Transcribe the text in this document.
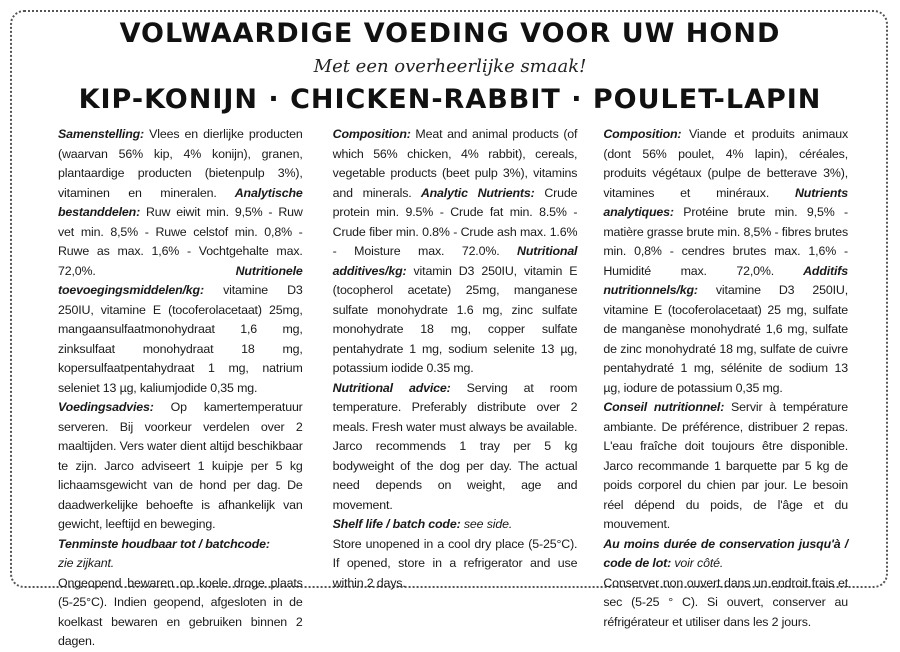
VOLWAARDIGE VOEDING VOOR UW HOND
Met een overheerlijke smaak!
KIP-KONIJN · CHICKEN-RABBIT · POULET-LAPIN

Samenstelling: Vlees en dierlijke producten (waarvan 56% kip, 4% konijn), granen, plantaardige producten (bietenpulp 3%), vitaminen en mineralen. Analytische bestanddelen: Ruw eiwit min. 9,5% - Ruw vet min. 8,5% - Ruwe celstof min. 0,8% - Ruwe as max. 1,6% - Vochtgehalte max. 72,0%. Nutritionele toevoegingsmiddelen/kg: vitamine D3 250IU, vitamine E (tocoferolacetaat) 25mg, mangaansulfaatmonohydraat 1,6 mg, zinksulfaat monohydraat 18 mg, kopersulfaatpentahydraat 1 mg, natrium seleniet 13 µg, kaliumjodide 0,35 mg.

Voedingsadvies: Op kamertemperatuur serveren. Bij voorkeur verdelen over 2 maaltijden. Vers water dient altijd beschikbaar te zijn. Jarco adviseert 1 kuipje per 5 kg lichaamsgewicht van de hond per dag. De daadwerkelijke behoefte is afhankelijk van gewicht, leeftijd en beweging.

Tenminste houdbaar tot / batchcode:

zie zijkant.

Ongeopend bewaren op koele droge plaats (5-25°C). Indien geopend, afgesloten in de koelkast bewaren en gebruiken binnen 2 dagen.

Composition: Meat and animal products (of which 56% chicken, 4% rabbit), cereals, vegetable products (beet pulp 3%), vitamins and minerals. Analytic Nutrients: Crude protein min. 9.5% - Crude fat min. 8.5% - Crude fiber min. 0.8% - Crude ash max. 1.6% - Moisture max. 72.0%. Nutritional additives/kg: vitamin D3 250IU, vitamin E (tocopherol acetate) 25mg, manganese sulfate monohydrate 1.6 mg, zinc sulfate monohydrate 18 mg, copper sulfate pentahydrate 1 mg, sodium selenite 13 µg, potassium iodide 0.35 mg.

Nutritional advice: Serving at room temperature. Preferably distribute over 2 meals. Fresh water must always be available. Jarco recommends 1 tray per 5 kg bodyweight of the dog per day. The actual need depends on weight, age and movement.

Shelf life / batch code: see side.

Store unopened in a cool dry place (5-25°C). If opened, store in a refrigerator and use within 2 days.

Composition: Viande et produits animaux (dont 56% poulet, 4% lapin), céréales, produits végétaux (pulpe de betterave 3%), vitamines et minéraux. Nutrients analytiques: Protéine brute min. 9,5% - matière grasse brute min. 8,5% - fibres brutes min. 0,8% - cendres brutes max. 1,6% - Humidité max. 72,0%. Additifs nutritionnels/kg: vitamine D3 250IU, vitamine E (tocoferolacetaat) 25 mg, sulfate de manganèse monohydraté 1,6 mg, sulfate de zinc monohydraté 18 mg, sulfate de cuivre pentahydraté 1 mg, sélénite de sodium 13 µg, iodure de potassium 0,35 mg.

Conseil nutritionnel: Servir à température ambiante. De préférence, distribuer 2 repas. L'eau fraîche doit toujours être disponible. Jarco recommande 1 barquette par 5 kg de poids corporel du chien par jour. Le besoin réel dépend du poids, de l'âge et du mouvement.

Au moins durée de conservation jusqu'à / code de lot: voir côté.

Conserver non ouvert dans un endroit frais et sec (5-25 ° C). Si ouvert, conserver au réfrigérateur et utiliser dans les 2 jours.
